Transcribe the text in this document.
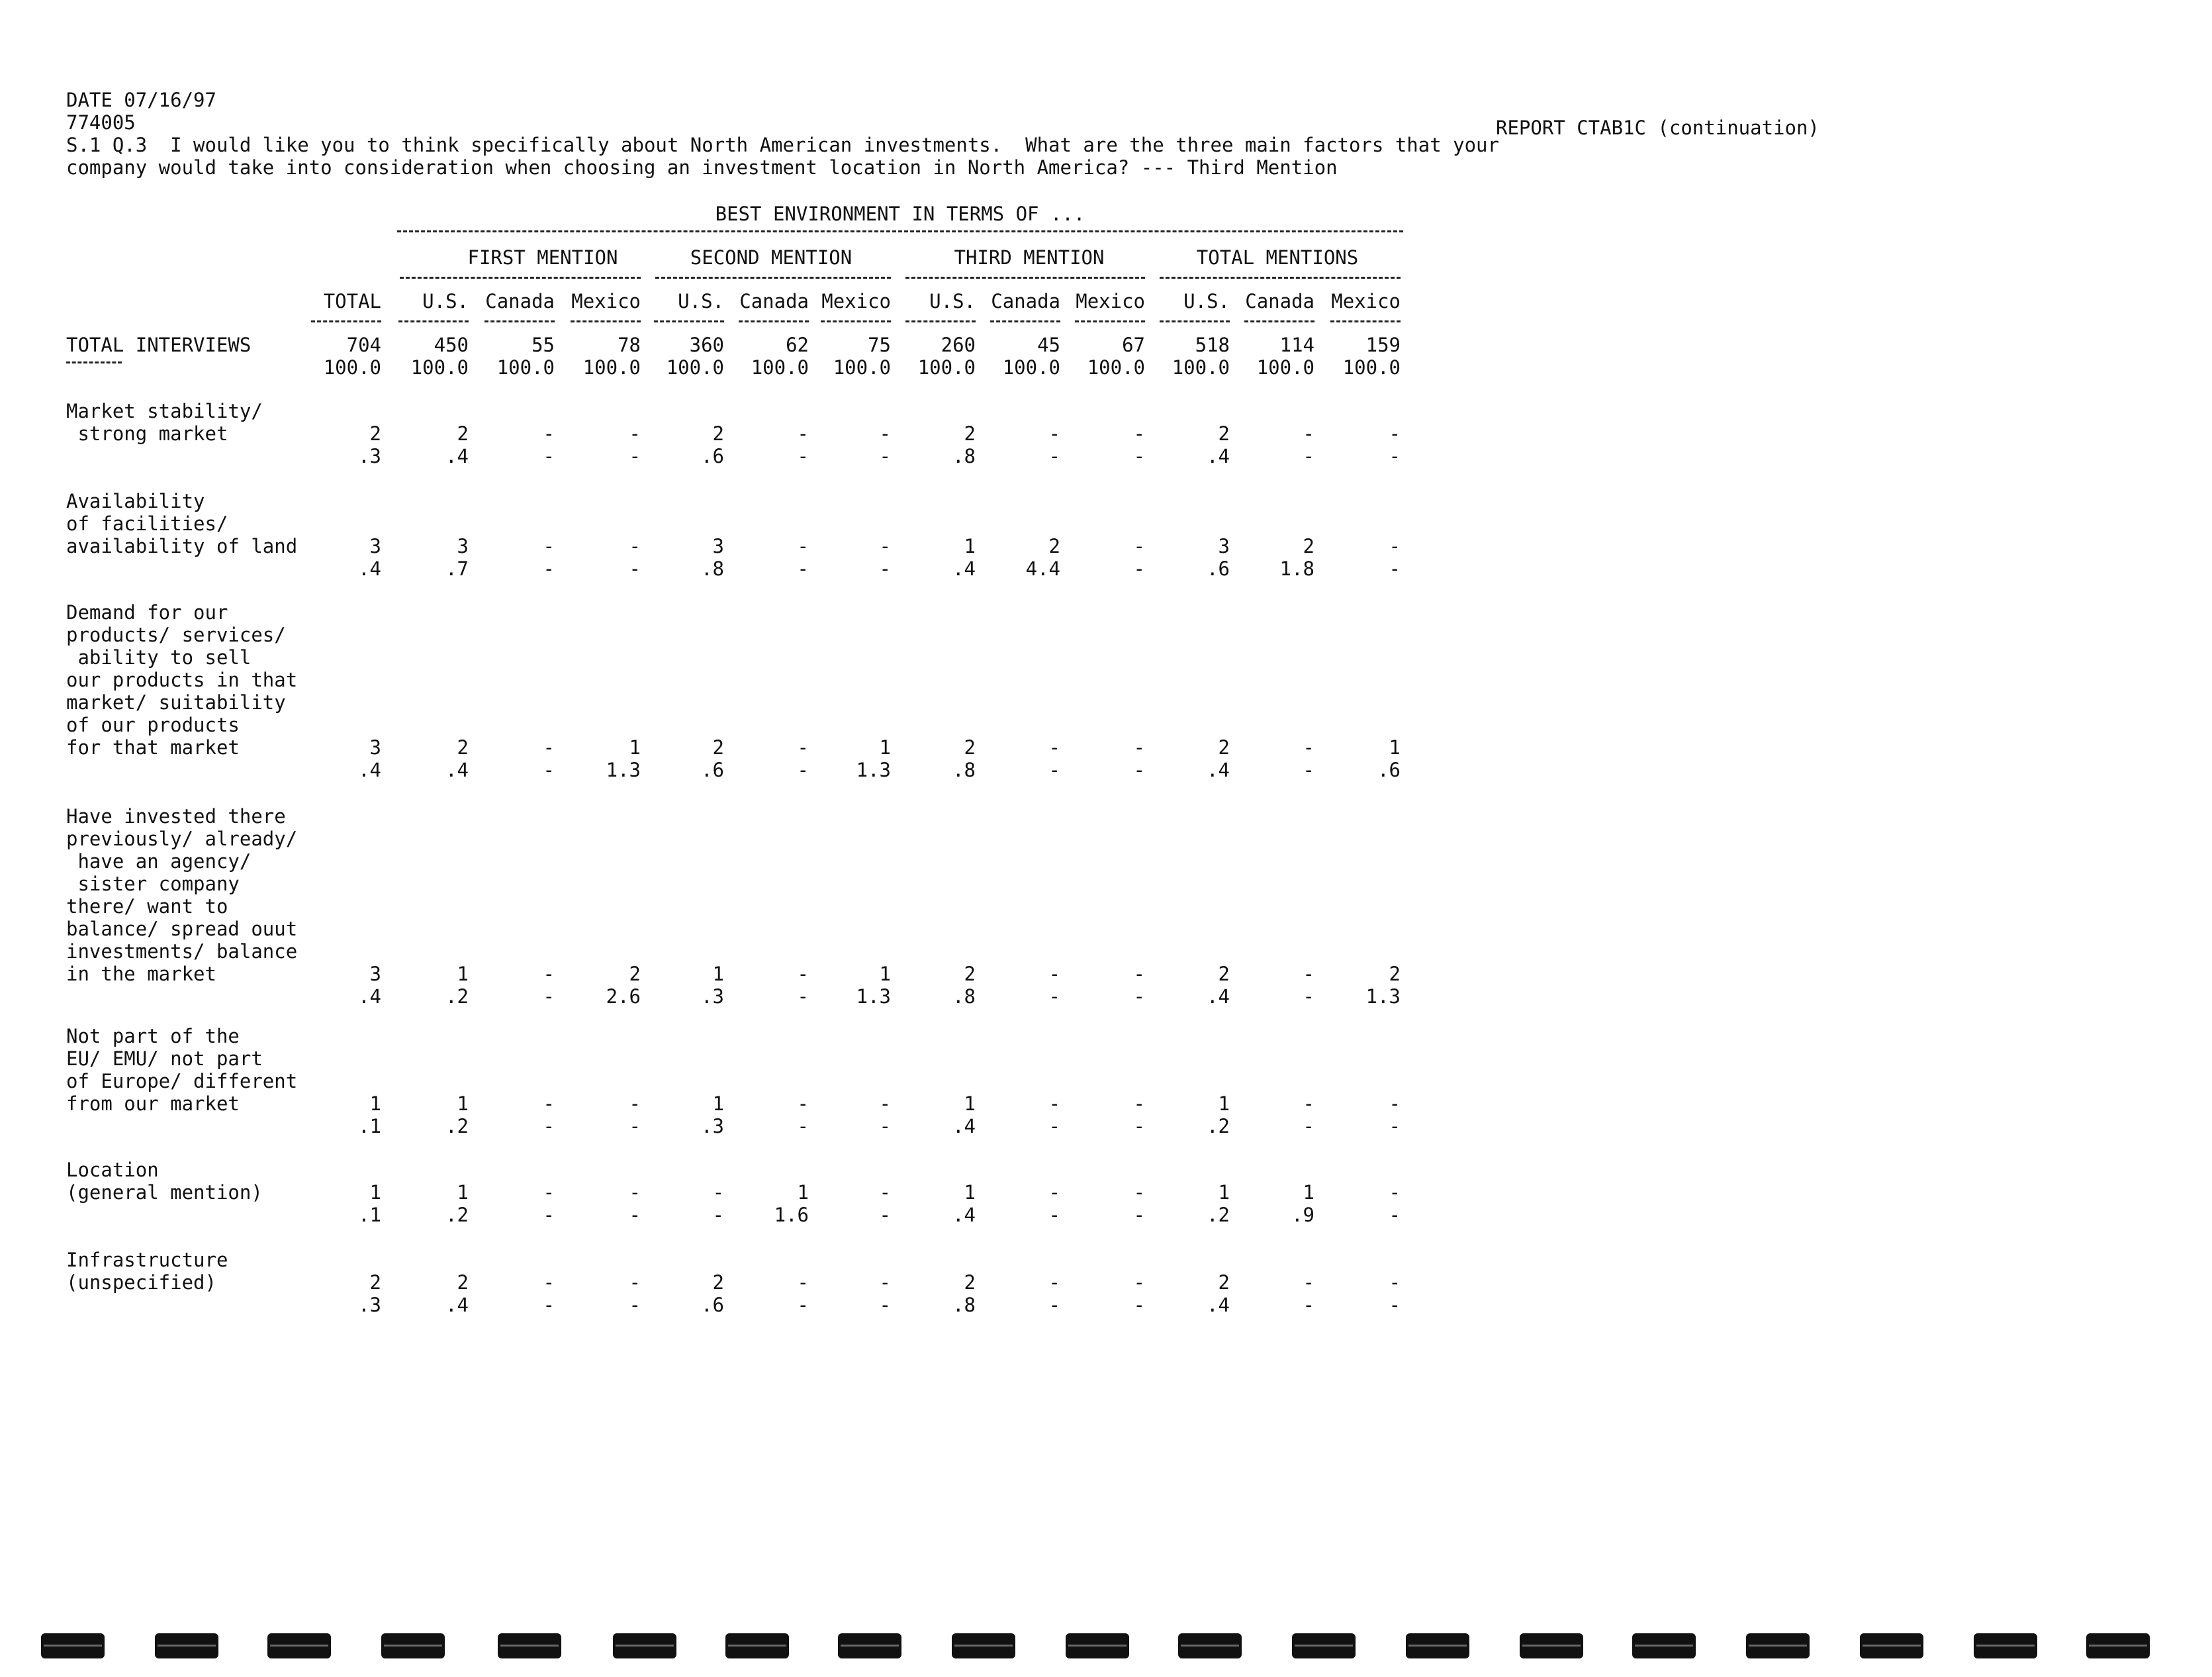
DATE 07/16/97
774005	REPORT CTAB1C (continuation)
S.1 Q.3  I would like you to think specifically about North American investments.  What are the three main factors that your
company would take into consideration when choosing an investment location in North America? --- Third Mention
BEST ENVIRONMENT IN TERMS OF ...
FIRST MENTION	SECOND MENTION	THIRD MENTION	TOTAL MENTIONS
TOTAL	U.S. Canada Mexico	U.S. Canada Mexico	U.S. Canada Mexico	U.S. Canada Mexico
TOTAL INTERVIEWS	704	450	55	78	360	62	75	260	45	67	518	114	159
100.0	100.0	100.0	100.0	100.0	100.0	100.0	100.0	100.0	100.0	100.0	100.0	100.0
Market stability/
strong market	2	2	-	-	2	-	-	2	-	-	2	-	-
.3	.4	-	-	.6	-	-	.8	-	-	.4	-	-
Availability
of facilities/
availability of land	3	3	-	-	3	-	-	1	2	-	3	2	-
.4	.7	-	-	.8	-	-	.4	4.4	-	.6	1.8	-
Demand for our
products/ services/
ability to sell
our products in that
market/ suitability
of our products
for that market	3	2	-	1	2	-	1	2	-	-	2	-	1
.4	.4	-	1.3	.6	-	1.3	.8	-	-	.4	-	.6
Have invested there
previously/ already/
have an agency/
sister company
there/ want to
balance/ spread ouut
investments/ balance
in the market	3	1	-	2	1	-	1	2	-	-	2	-	2
.4	.2	-	2.6	.3	-	1.3	.8	-	-	.4	-	1.3
Not part of the
EU/ EMU/ not part
of Europe/ different
from our market	1	1	-	-	1	-	-	1	-	-	1	-	-
.1	.2	-	-	.3	-	-	.4	-	-	.2	-	-
Location
(general mention)	1	1	-	-	-	1	-	1	-	-	1	1	-
.1	.2	-	-	-	1.6	-	.4	-	-	.2	.9	-
Infrastructure
(unspecified)	2	2	-	-	2	-	-	2	-	-	2	-	-
.3	.4	-	-	.6	-	-	.8	-	-	.4	-	-
